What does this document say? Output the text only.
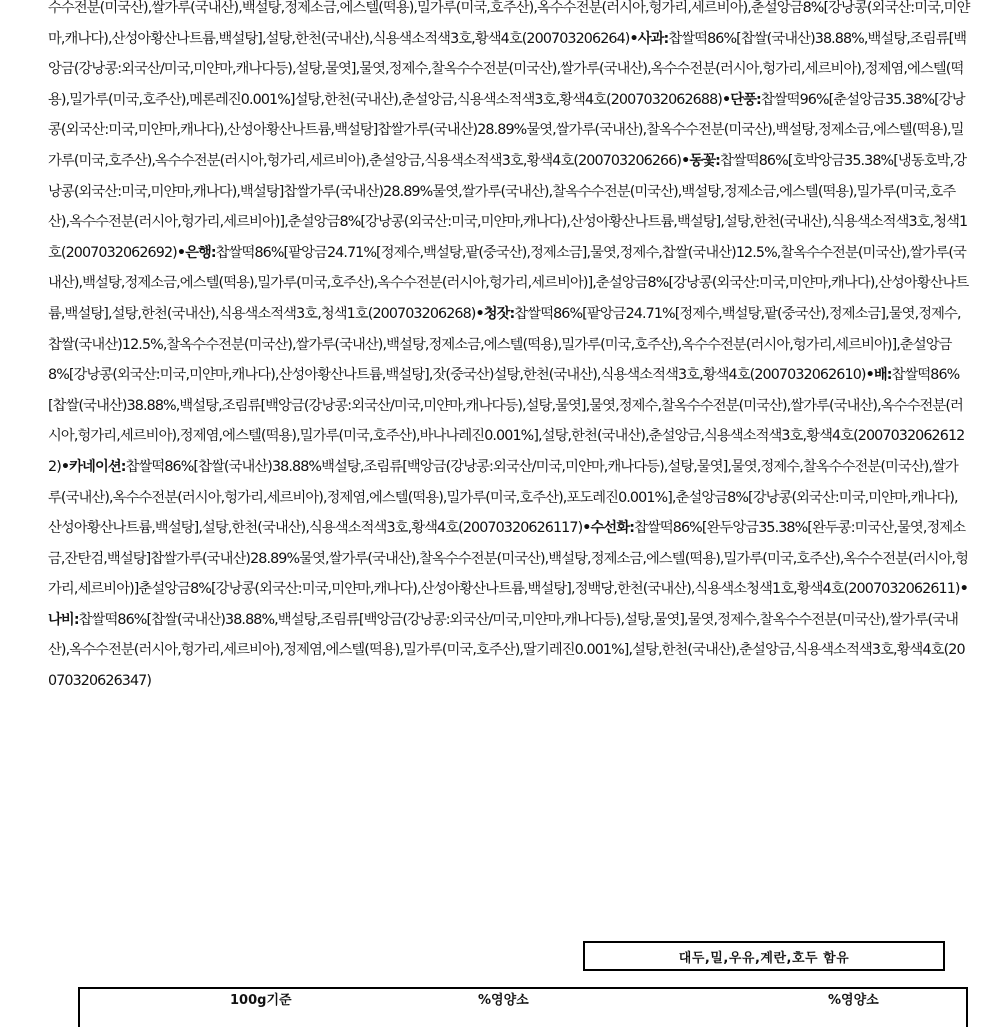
수수전분(미국산),쌀가루(국내산),백설탕,정제소금,에스텔(떡용),밀가루(미국,호주산),옥수수전분(러시아,헝가리,세르비아),춘설앙금8%[강낭콩(외국산:미국,미얀마,캐나다),산성아황산나트륨,백설탕],설탕,한천(국내산),식용색소적색3호,황색4호(200703206264)•사과:찹쌀떡86%[찹쌀(국내산)38.88%,백설탕,조림류[백앙금(강낭콩:외국산/미국,미얀마,캐나다등),설탕,물엿],물엿,정제수,찰옥수수전분(미국산),쌀가루(국내산),옥수수전분(러시아,헝가리,세르비아),정제염,에스텔(떡용),밀가루(미국,호주산),메론레진0.001%]설탕,한천(국내산),춘설앙금,식용색소적색3호,황색4호(2007032062688)•단풍:찹쌀떡96%[춘설앙금35.38%[강낭콩(외국산:미국,미얀마,캐나다),산성아황산나트륨,백설탕]찹쌀가루(국내산)28.89%물엿,쌀가루(국내산),찰옥수수전분(미국산),백설탕,정제소금,에스텔(떡용),밀가루(미국,호주산),옥수수전분(러시아,헝가리,세르비아),춘설앙금,식용색소적색3호,황색4호(200703206266)•동꽃:찹쌀떡86%[호박앙금35.38%[냉동호박,강낭콩(외국산:미국,미얀마,캐나다),백설탕]찹쌀가루(국내산)28.89%물엿,쌀가루(국내산),찰옥수수전분(미국산),백설탕,정제소금,에스텔(떡용),밀가루(미국,호주산),옥수수전분(러시아,헝가리,세르비아)],춘설앙금8%[강낭콩(외국산:미국,미얀마,캐나다),산성아황산나트륨,백설탕],설탕,한천(국내산),식용색소적색3호,청색1호(2007032062692)•은행:찹쌀떡86%[팥앙금24.71%[정제수,백설탕,팥(중국산),정제소금],물엿,정제수,찹쌀(국내산)12.5%,찰옥수수전분(미국산),쌀가루(국내산),백설탕,정제소금,에스텔(떡용),밀가루(미국,호주산),옥수수전분(러시아,헝가리,세르비아)],춘설앙금8%[강낭콩(외국산:미국,미얀마,캐나다),산성아황산나트륨,백설탕],설탕,한천(국내산),식용색소적색3호,청색1호(200703206268)•청잣:찹쌀떡86%[팥앙금24.71%[정제수,백설탕,팥(중국산),정제소금],물엿,정제수,찹쌀(국내산)12.5%,찰옥수수전분(미국산),쌀가루(국내산),백설탕,정제소금,에스텔(떡용),밀가루(미국,호주산),옥수수전분(러시아,헝가리,세르비아)],춘설앙금8%[강낭콩(외국산:미국,미얀마,캐나다),산성아황산나트륨,백설탕],잣(중국산)설탕,한천(국내산),식용색소적색3호,황색4호(2007032062610)•배:찹쌀떡86%[찹쌀(국내산)38.88%,백설탕,조림류[백앙금(강낭콩:외국산/미국,미얀마,캐나다등),설탕,물엿],물엿,정제수,찰옥수수전분(미국산),쌀가루(국내산),옥수수전분(러시아,헝가리,세르비아),정제염,에스텔(떡용),밀가루(미국,호주산),바나나레진0.001%],설탕,한천(국내산),춘설앙금,식용색소적색3호,황색4호(20070320626122)•카네이션:찹쌀떡86%[찹쌀(국내산)38.88%백설탕,조림류[백앙금(강낭콩:외국산/미국,미얀마,캐나다등),설탕,물엿],물엿,정제수,찰옥수수전분(미국산),쌀가루(국내산),옥수수전분(러시아,헝가리,세르비아),정제염,에스텔(떡용),밀가루(미국,호주산),포도레진0.001%],춘설앙금8%[강낭콩(외국산:미국,미얀마,캐나다),산성아황산나트륨,백설탕],설탕,한천(국내산),식용색소적색3호,황색4호(20070320626117)•수선화:찹쌀떡86%[완두앙금35.38%[완두콩:미국산,물엿,정제소금,잔탄검,백설탕]찹쌀가루(국내산)28.89%물엿,쌀가루(국내산),찰옥수수전분(미국산),백설탕,정제소금,에스텔(떡용),밀가루(미국,호주산),옥수수전분(러시아,헝가리,세르비아)]춘설앙금8%[강낭콩(외국산:미국,미얀마,캐나다),산성아황산나트륨,백설탕],정백당,한천(국내산),식용색소청색1호,황색4호(2007032062611)•나비:찹쌀떡86%[찹쌀(국내산)38.88%,백설탕,조림류[백앙금(강낭콩:외국산/미국,미얀마,캐나다등),설탕,물엿],물엿,정제수,찰옥수수전분(미국산),쌀가루(국내산),옥수수전분(러시아,헝가리,세르비아),정제염,에스텔(떡용),밀가루(미국,호주산),딸기레진0.001%],설탕,한천(국내산),춘설앙금,식용색소적색3호,황색4호(20070320626347)
대두,밀,우유,계란,호두 함유
100g기준	%영양소	%영양소
